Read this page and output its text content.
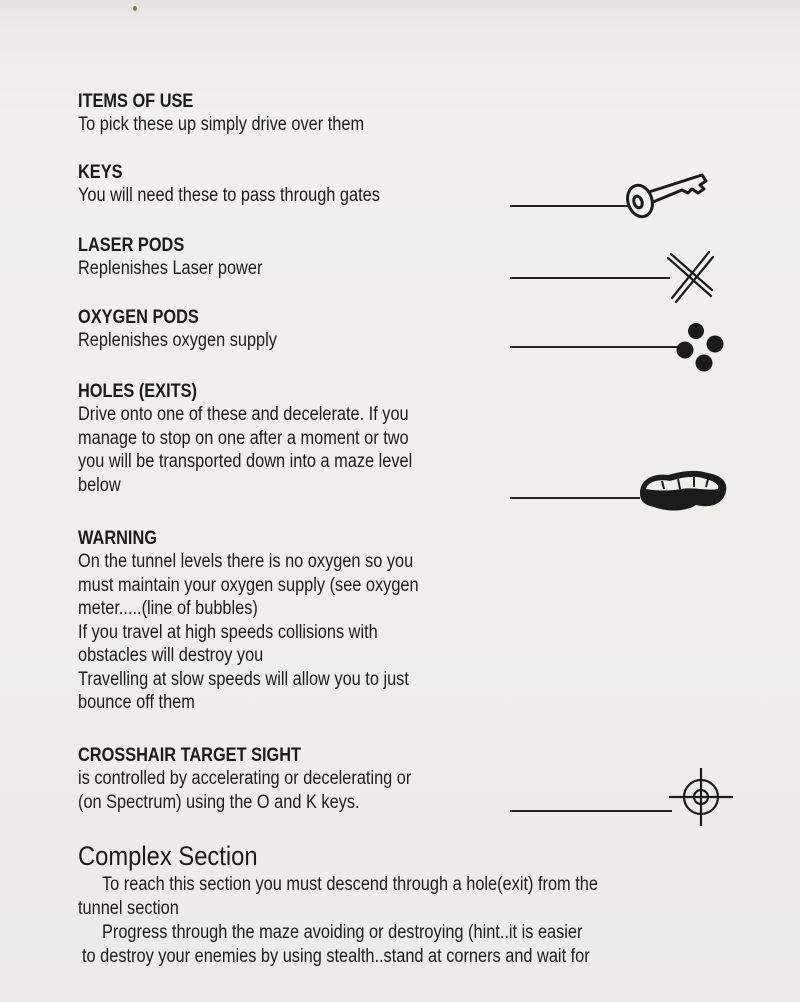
ITEMS OF USE
To pick these up simply drive over them
KEYS
You will need these to pass through gates
LASER PODS
Replenishes Laser power
OXYGEN PODS
Replenishes oxygen supply
HOLES (EXITS)
Drive onto one of these and decelerate. If you
manage to stop on one after a moment or two
you will be transported down into a maze level
below
WARNING
On the tunnel levels there is no oxygen so you
must maintain your oxygen supply (see oxygen
meter.....(line of bubbles)
If you travel at high speeds collisions with
obstacles will destroy you
Travelling at slow speeds will allow you to just
bounce off them
CROSSHAIR TARGET SIGHT
is controlled by accelerating or decelerating or
(on Spectrum) using the O and K keys.
Complex Section
To reach this section you must descend through a hole(exit) from the
tunnel section
Progress through the maze avoiding or destroying (hint..it is easier
to destroy your enemies by using stealth..stand at corners and wait for
